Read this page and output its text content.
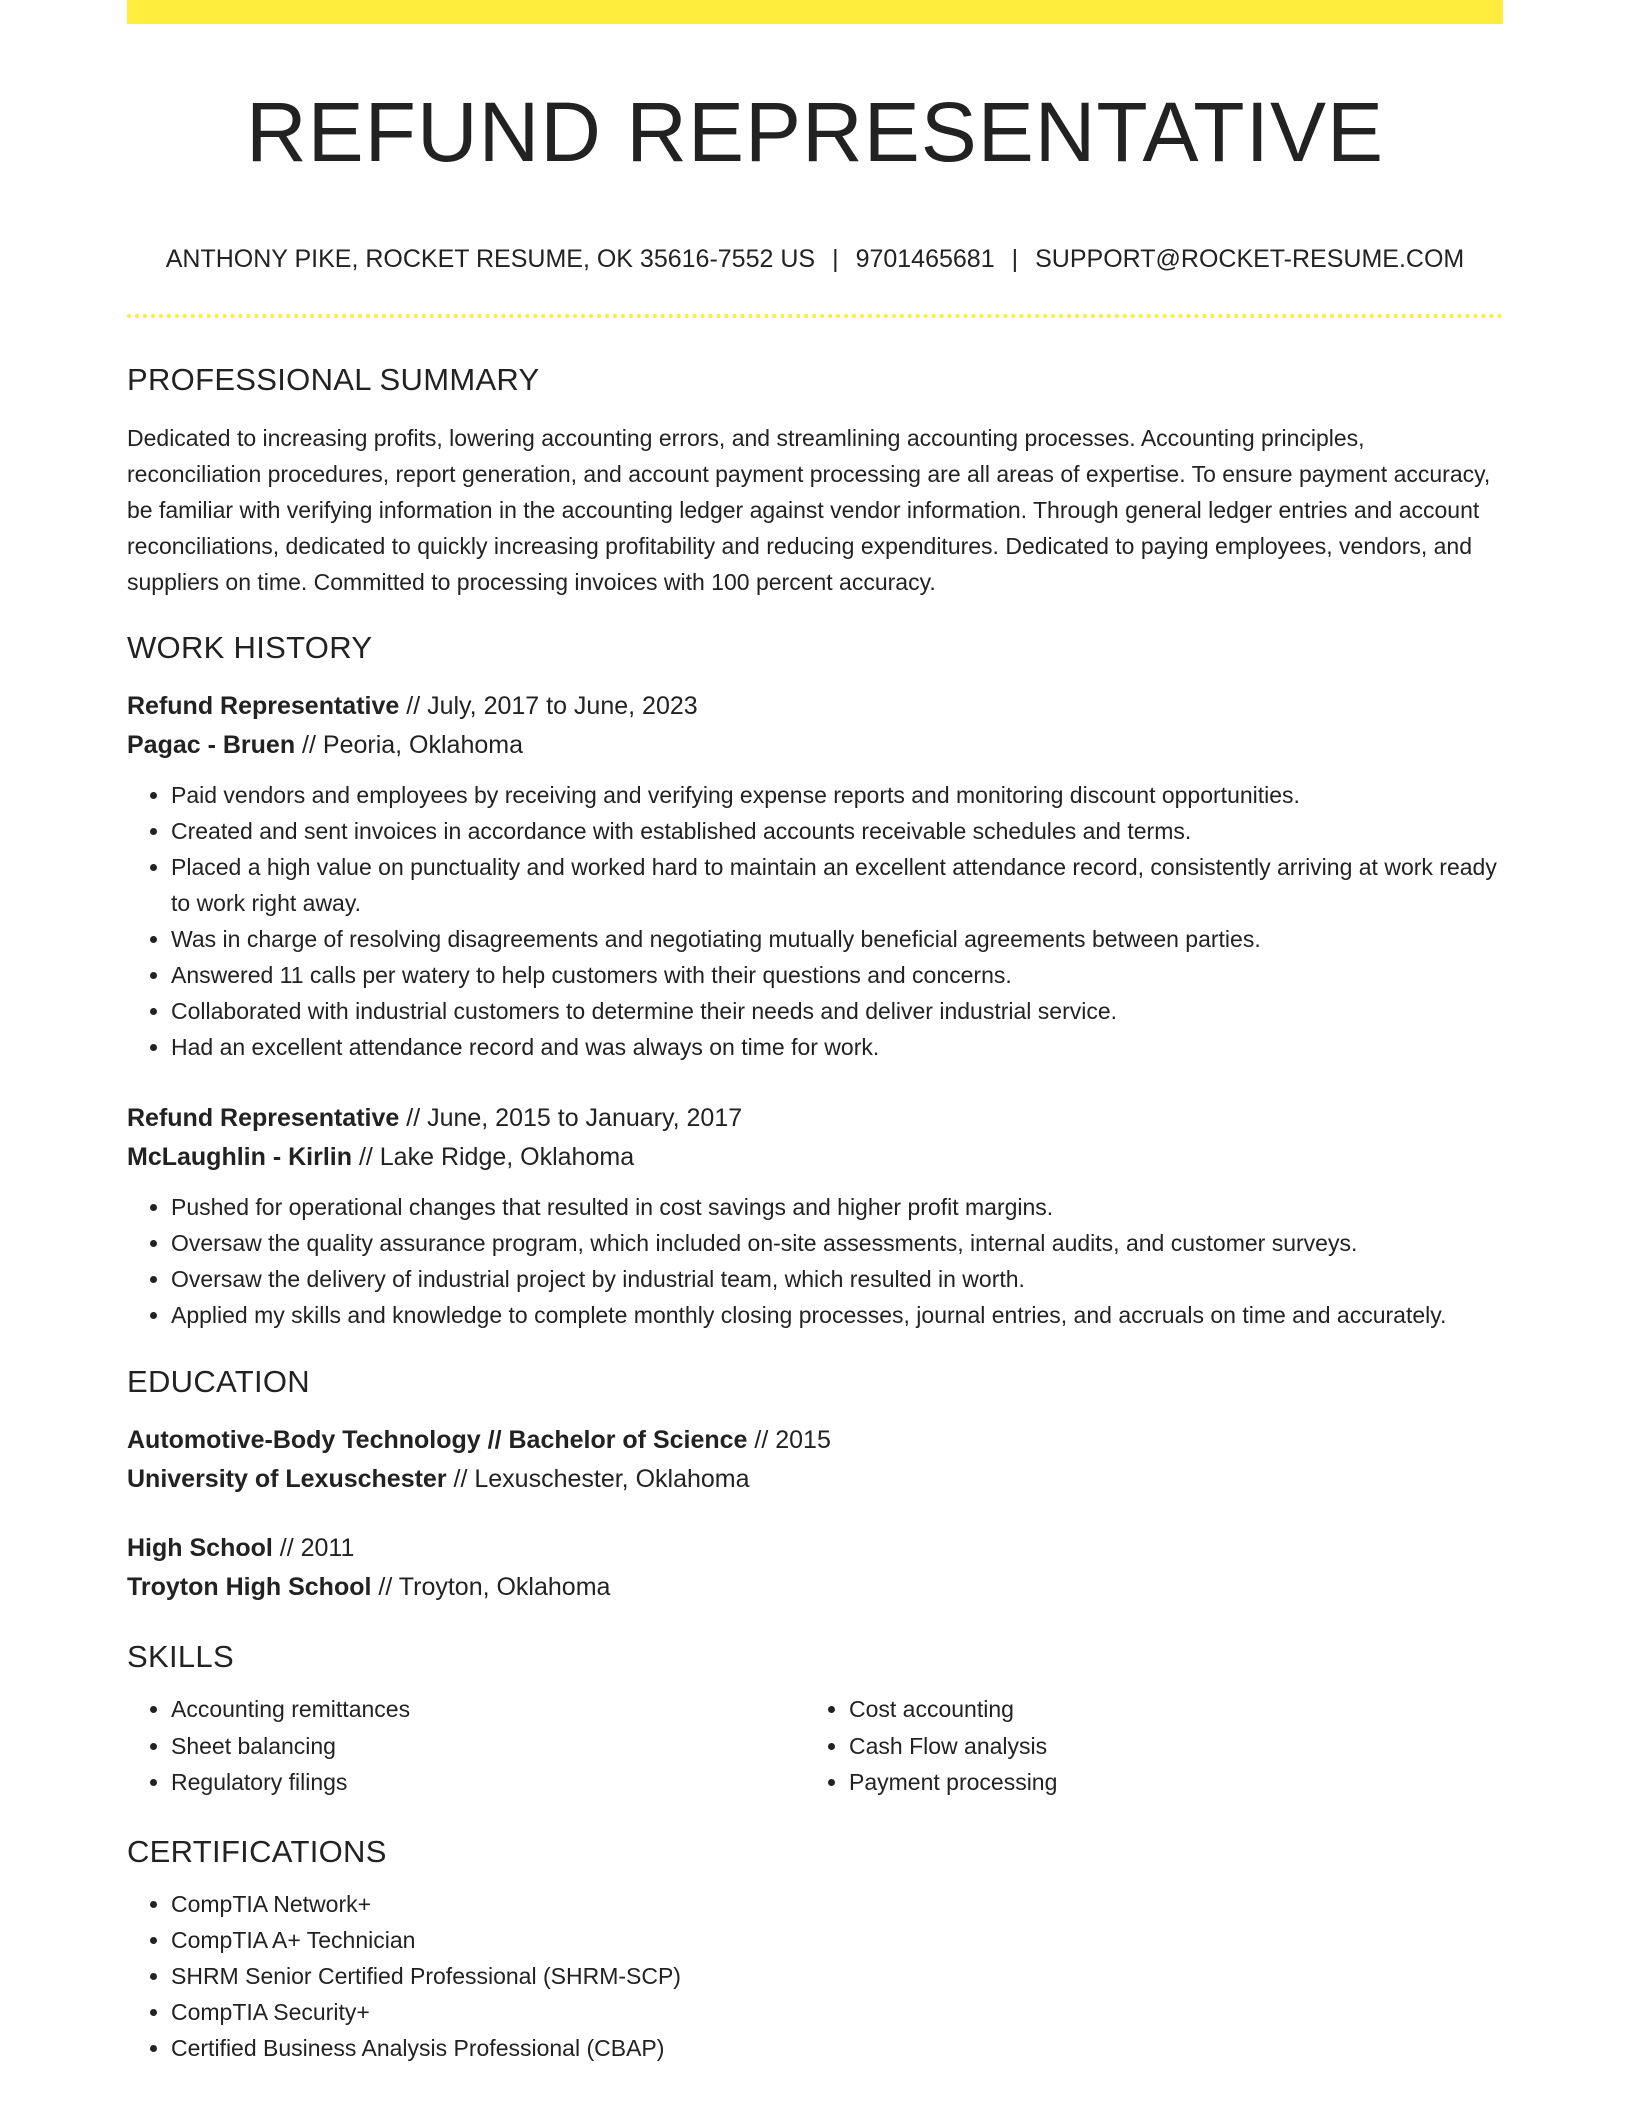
REFUND REPRESENTATIVE
ANTHONY PIKE, ROCKET RESUME, OK 35616-7552 US | 9701465681 | SUPPORT@ROCKET-RESUME.COM
PROFESSIONAL SUMMARY

Dedicated to increasing profits, lowering accounting errors, and streamlining accounting processes. Accounting principles, reconciliation procedures, report generation, and account payment processing are all areas of expertise. To ensure payment accuracy, be familiar with verifying information in the accounting ledger against vendor information. Through general ledger entries and account reconciliations, dedicated to quickly increasing profitability and reducing expenditures. Dedicated to paying employees, vendors, and suppliers on time. Committed to processing invoices with 100 percent accuracy.

WORK HISTORY
Refund Representative // July, 2017 to June, 2023
Pagac - Bruen // Peoria, Oklahoma
• Paid vendors and employees by receiving and verifying expense reports and monitoring discount opportunities.
• Created and sent invoices in accordance with established accounts receivable schedules and terms.
• Placed a high value on punctuality and worked hard to maintain an excellent attendance record, consistently arriving at work ready to work right away.
• Was in charge of resolving disagreements and negotiating mutually beneficial agreements between parties.
• Answered 11 calls per watery to help customers with their questions and concerns.
• Collaborated with industrial customers to determine their needs and deliver industrial service.
• Had an excellent attendance record and was always on time for work.
Refund Representative // June, 2015 to January, 2017
McLaughlin - Kirlin // Lake Ridge, Oklahoma
• Pushed for operational changes that resulted in cost savings and higher profit margins.
• Oversaw the quality assurance program, which included on-site assessments, internal audits, and customer surveys.
• Oversaw the delivery of industrial project by industrial team, which resulted in worth.
• Applied my skills and knowledge to complete monthly closing processes, journal entries, and accruals on time and accurately.
EDUCATION
Automotive-Body Technology // Bachelor of Science // 2015
University of Lexuschester // Lexuschester, Oklahoma
High School // 2011
Troyton High School // Troyton, Oklahoma
SKILLS
• Accounting remittances
• Sheet balancing
• Regulatory filings
• Cost accounting
• Cash Flow analysis
• Payment processing
CERTIFICATIONS
• CompTIA Network+
• CompTIA A+ Technician
• SHRM Senior Certified Professional (SHRM-SCP)
• CompTIA Security+
• Certified Business Analysis Professional (CBAP)
